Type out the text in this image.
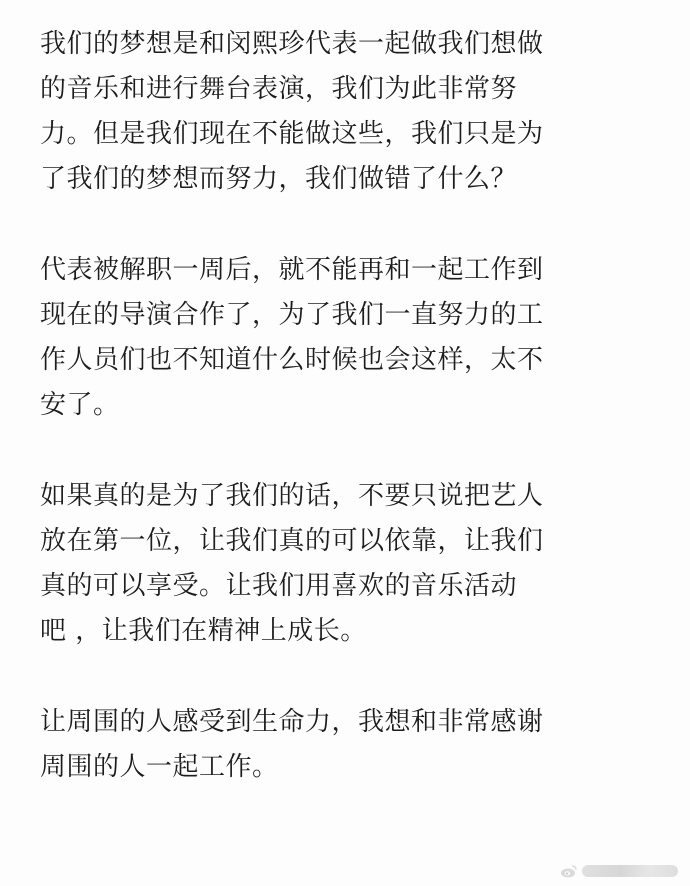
我们的梦想是和闵熙珍代表一起做我们想做
的音乐和进行舞台表演，我们为此非常努
力。但是我们现在不能做这些，我们只是为
了我们的梦想而努力，我们做错了什么？
代表被解职一周后，就不能再和一起工作到
现在的导演合作了，为了我们一直努力的工
作人员们也不知道什么时候也会这样，太不
安了。
如果真的是为了我们的话，不要只说把艺人
放在第一位，让我们真的可以依靠，让我们
真的可以享受。让我们用喜欢的音乐活动
吧 ，让我们在精神上成长。
让周围的人感受到生命力，我想和非常感谢
周围的人一起工作。
